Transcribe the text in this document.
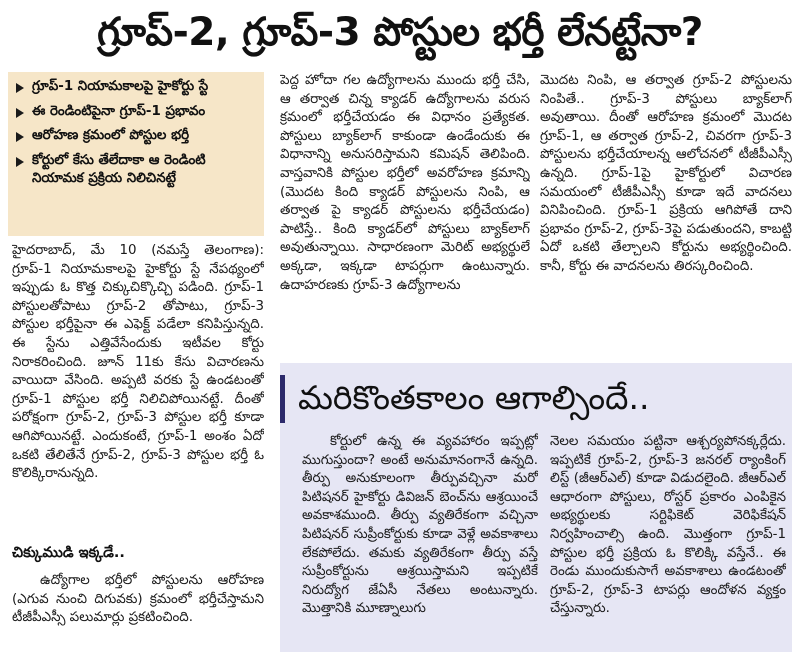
గ్రూప్-2, గ్రూప్-3 పోస్టుల భర్తీ లేనట్టేనా?
గ్రూప్-1 నియామకాలపై హైకోర్టు స్టే
ఈ రెండింటిపైనా గ్రూప్-1 ప్రభావం
ఆరోహణ క్రమంలో పోస్టుల భర్తీ
కోర్టులో కేసు తేలేదాకా ఆ రెండింటి నియామక ప్రక్రియ నిలిచినట్టే

హైదరాబాద్, మే 10 (నమస్తే తెలంగాణ): గ్రూప్-1 నియామకాలపై హైకోర్టు స్టే నేపథ్యంలో ఇప్పుడు ఓ కొత్త చిక్కుచిక్కొచ్చి పడింది. గ్రూప్-1 పోస్టులతోపాటు గ్రూప్-2 తోపాటు, గ్రూప్-3 పోస్టుల భర్తీపైనా ఈ ఎఫెక్ట్ పడేలా కనిపిస్తున్నది. ఈ స్టేను ఎత్తివేసేందుకు ఇటీవల కోర్టు నిరాకరించింది. జూన్ 11కు కేసు విచారణను వాయిదా వేసింది. అప్పటి వరకు స్టే ఉండటంతో గ్రూప్-1 పోస్టుల భర్తీ నిలిచిపోయినట్టే. దీంతో పరోక్షంగా గ్రూప్-2, గ్రూప్-3 పోస్టుల భర్తీ కూడా ఆగిపోయినట్టే. ఎందుకంటే, గ్రూప్-1 అంశం ఏదో ఒకటి తేలితేనే గ్రూప్-2, గ్రూప్-3 పోస్టుల భర్తీ ఓ కొలిక్కిరానున్నది.

చిక్కుముడి ఇక్కడే..

ఉద్యోగాల భర్తీలో పోస్టులను ఆరోహణ (ఎగువ నుంచి దిగువకు) క్రమంలో భర్తీచేస్తామని టీజీపీఎస్సీ పలుమార్లు ప్రకటించింది.

పెద్ద హోదా గల ఉద్యోగాలను ముందు భర్తీ చేసి, ఆ తర్వాత చిన్న క్యాడర్ ఉద్యోగాలను వరుస క్రమంలో భర్తీచేయడం ఈ విధానం ప్రత్యేకత. పోస్టులు బ్యాక్‌లాగ్ కాకుండా ఉండేందుకు ఈ విధానాన్ని అనుసరిస్తామని కమిషన్ తెలిపింది. వాస్తవానికి పోస్టుల భర్తీలో అవరోహణ క్రమాన్ని (మొదట కింది క్యాడర్ పోస్టులను నింపి, ఆ తర్వాత పై క్యాడర్ పోస్టులను భర్తీచేయడం) పాటిస్తే.. కింది క్యాడర్‌లో పోస్టులు బ్యాక్‌లాగ్ అవుతున్నాయి. సాధారణంగా మెరిట్ అభ్యర్థులే అక్కడా, ఇక్కడా టాపర్లుగా ఉంటున్నారు. ఉదాహరణకు గ్రూప్-3 ఉద్యోగాలను

మొదట నింపి, ఆ తర్వాత గ్రూప్-2 పోస్టులను నింపితే.. గ్రూప్-3 పోస్టులు బ్యాక్‌లాగ్ అవుతాయి. దీంతో ఆరోహణ క్రమంలో మొదట గ్రూప్-1, ఆ తర్వాత గ్రూప్-2, చివరగా గ్రూప్-3 పోస్టులను భర్తీచేయాలన్న ఆలోచనలో టీజీపీఎస్సీ ఉన్నది. గ్రూప్-1పై హైకోర్టులో విచారణ సమయంలో టీజీపీఎస్సీ కూడా ఇదే వాదనలు వినిపించింది. గ్రూప్-1 ప్రక్రియ ఆగిపోతే దాని ప్రభావం గ్రూప్-2, గ్రూప్-3పై పడుతుందని, కాబట్టి ఏదో ఒకటి తేల్చాలని కోర్టును అభ్యర్థించింది. కానీ, కోర్టు ఈ వాదనలను తిరస్కరించింది.

మరికొంతకాలం ఆగాల్సిందే..

కోర్టులో ఉన్న ఈ వ్యవహారం ఇప్పట్లో ముగుస్తుందా? అంటే అనుమానంగానే ఉన్నది. తీర్పు అనుకూలంగా తీర్పువచ్చినా మరో పిటిషనర్ హైకోర్టు డివిజన్ బెంచ్‌ను ఆశ్రయించే అవకాశముంది. తీర్పు వ్యతిరేకంగా వచ్చినా పిటిషనర్ సుప్రీంకోర్టుకు కూడా వెళ్లే అవకాశాలు లేకపోలేదు. తమకు వ్యతిరేకంగా తీర్పు వస్తే సుప్రీంకోర్టును ఆశ్రయిస్తామని ఇప్పటికే నిరుద్యోగ జేఏసీ నేతలు అంటున్నారు. మొత్తానికి మూణ్నాలుగు

నెలల సమయం పట్టినా ఆశ్చర్యపోనక్కర్లేదు. ఇప్పటికే గ్రూప్-2, గ్రూప్-3 జనరల్ ర్యాంకింగ్ లిస్ట్ (జీఆర్ఎల్) కూడా విడుదలైంది. జీఆర్ఎల్ ఆధారంగా పోస్టులు, రోస్టర్ ప్రకారం ఎంపికైన అభ్యర్థులకు సర్టిఫికెట్ వెరిఫికేషన్ నిర్వహించాల్సి ఉంది. మొత్తంగా గ్రూప్-1 పోస్టుల భర్తీ ప్రక్రియ ఓ కొలిక్కి వస్తేనే.. ఈ రెండు ముందుకుసాగే అవకాశాలు ఉండటంతో గ్రూప్-2, గ్రూప్-3 టాపర్లు ఆందోళన వ్యక్తం చేస్తున్నారు.
